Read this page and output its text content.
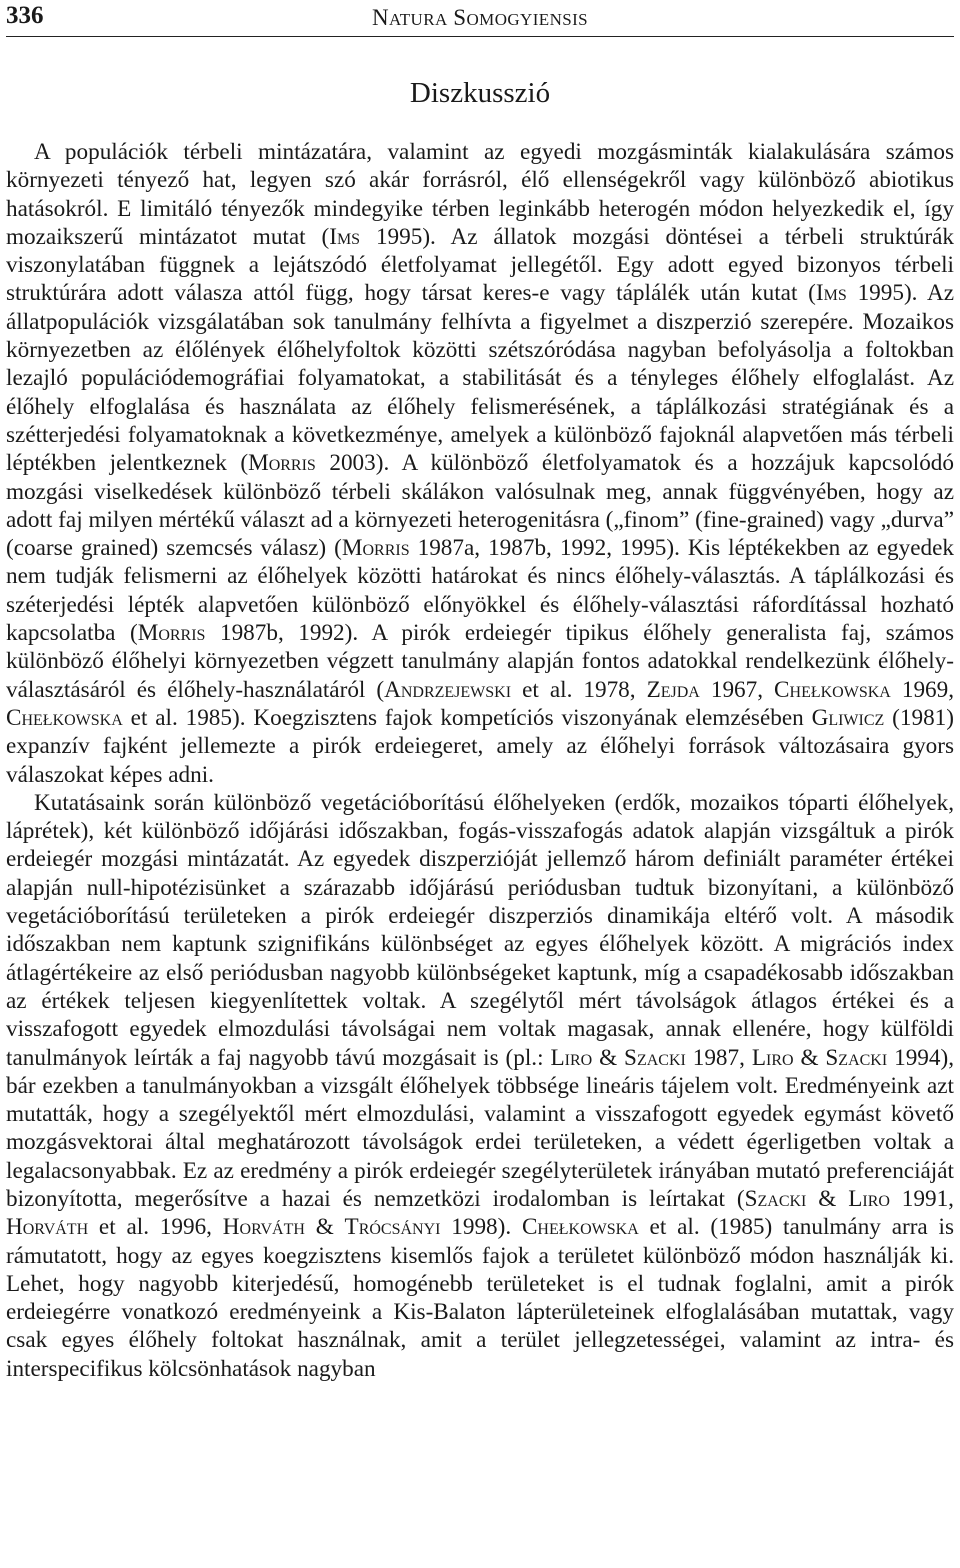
336	NATURA SOMOGYIENSIS
Diszkusszió

A populációk térbeli mintázatára, valamint az egyedi mozgásminták kialakulására számos környezeti tényező hat, legyen szó akár forrásról, élő ellenségekről vagy különböző abiotikus hatásokról. E limitáló tényezők mindegyike térben leginkább heterogén módon helyezkedik el, így mozaikszerű mintázatot mutat (Ims 1995). Az állatok mozgási döntései a térbeli struktúrák viszonylatában függnek a lejátszódó életfolyamat jellegétől. Egy adott egyed bizonyos térbeli struktúrára adott válasza attól függ, hogy társat keres-e vagy táplálék után kutat (Ims 1995). Az állatpopulációk vizsgálatában sok tanulmány felhívta a figyelmet a diszperzió szerepére. Mozaikos környezetben az élőlények élőhelyfoltok közötti szétszóródása nagyban befolyásolja a foltokban lezajló populációdemográfiai folyamatokat, a stabilitását és a tényleges élőhely elfoglalást. Az élőhely elfoglalása és használata az élőhely felismerésének, a táplálkozási stratégiának és a szétterjedési folyamatoknak a következménye, amelyek a különböző fajoknál alapvetően más térbeli léptékben jelentkeznek (Morris 2003). A különböző életfolyamatok és a hozzájuk kapcsolódó mozgási viselkedések különböző térbeli skálákon valósulnak meg, annak függvényében, hogy az adott faj milyen mértékű választ ad a környezeti heterogenitásra („finom” (fine-grained) vagy „durva” (coarse grained) szemcsés válasz) (Morris 1987a, 1987b, 1992, 1995). Kis léptékekben az egyedek nem tudják felismerni az élőhelyek közötti határokat és nincs élőhely-választás. A táplálkozási és széterjedési lépték alapvetően különböző előnyökkel és élőhely-választási ráfordítással hozható kapcsolatba (Morris 1987b, 1992). A pirók erdeiegér tipikus élőhely generalista faj, számos különböző élőhelyi környezetben végzett tanulmány alapján fontos adatokkal rendelkezünk élőhely-választásáról és élőhely-használatáról (Andrzejewski et al. 1978, Zejda 1967, Chełkowska 1969, Chełkowska et al. 1985). Koegzisztens fajok kompetíciós viszonyának elemzésében Gliwicz (1981) expanzív fajként jellemezte a pirók erdeiegeret, amely az élőhelyi források változásaira gyors válaszokat képes adni.

Kutatásaink során különböző vegetációborítású élőhelyeken (erdők, mozaikos tóparti élőhelyek, láprétek), két különböző időjárási időszakban, fogás-visszafogás adatok alapján vizsgáltuk a pirók erdeiegér mozgási mintázatát. Az egyedek diszperzióját jellemző három definiált paraméter értékei alapján null-hipotézisünket a szárazabb időjárású periódusban tudtuk bizonyítani, a különböző vegetációborítású területeken a pirók erdeiegér diszperziós dinamikája eltérő volt. A második időszakban nem kaptunk szignifikáns különbséget az egyes élőhelyek között. A migrációs index átlagértékeire az első periódusban nagyobb különbségeket kaptunk, míg a csapadékosabb időszakban az értékek teljesen kiegyenlítettek voltak. A szegélytől mért távolságok átlagos értékei és a visszafogott egyedek elmozdulási távolságai nem voltak magasak, annak ellenére, hogy külföldi tanulmányok leírták a faj nagyobb távú mozgásait is (pl.: Liro & Szacki 1987, Liro & Szacki 1994), bár ezekben a tanulmányokban a vizsgált élőhelyek többsége lineáris tájelem volt. Eredményeink azt mutatták, hogy a szegélyektől mért elmozdulási, valamint a visszafogott egyedek egymást követő mozgásvektorai által meghatározott távolságok erdei területeken, a védett égerligetben voltak a legalacsonyabbak. Ez az eredmény a pirók erdeiegér szegélyterületek irányában mutató preferenciáját bizonyította, megerősítve a hazai és nemzetközi irodalomban is leírtakat (Szacki & Liro 1991, Horváth et al. 1996, Horváth & Trócsányi 1998). Chełkowska et al. (1985) tanulmány arra is rámutatott, hogy az egyes koegzisztens kisemlős fajok a területet különböző módon használják ki. Lehet, hogy nagyobb kiterjedésű, homogénebb területeket is el tudnak foglalni, amit a pirók erdeiegérre vonatkozó eredményeink a Kis-Balaton lápterületeinek elfoglalásában mutattak, vagy csak egyes élőhely foltokat használnak, amit a terület jellegzetességei, valamint az intra- és interspecifikus kölcsönhatások nagyban
